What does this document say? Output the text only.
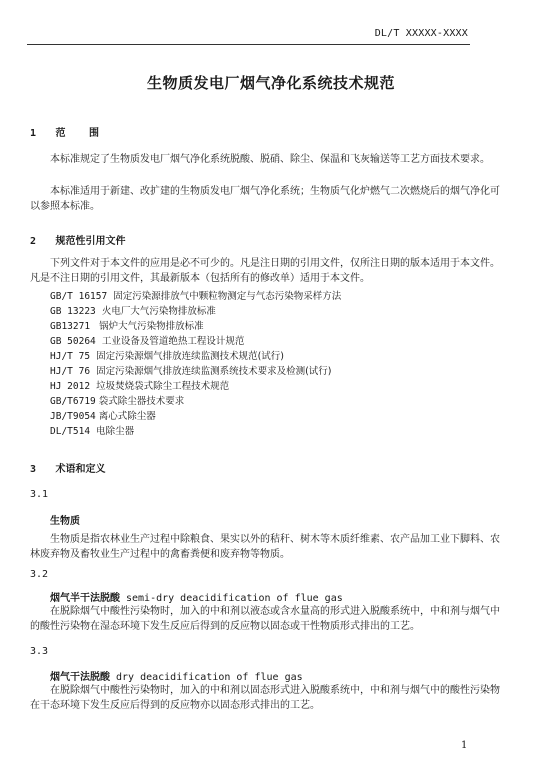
DL/T XXXXX-XXXX
生物质发电厂烟气净化系统技术规范
1 范 围
本标准规定了生物质发电厂烟气净化系统脱酸、脱硝、除尘、保温和飞灰输送等工艺方面技术要求。
本标准适用于新建、改扩建的生物质发电厂烟气净化系统；生物质气化炉燃气二次燃烧后的烟气净化可以参照本标准。
2 规范性引用文件
下列文件对于本文件的应用是必不可少的。凡是注日期的引用文件，仅所注日期的版本适用于本文件。凡是不注日期的引用文件，其最新版本（包括所有的修改单）适用于本文件。
GB/T 16157 固定污染源排放气中颗粒物测定与气态污染物采样方法
GB 13223 火电厂大气污染物排放标准
GB13271 锅炉大气污染物排放标准
GB 50264 工业设备及管道绝热工程设计规范
HJ/T 75 固定污染源烟气排放连续监测技术规范(试行)
HJ/T 76 固定污染源烟气排放连续监测系统技术要求及检测(试行)
HJ 2012 垃圾焚烧袋式除尘工程技术规范
GB/T6719 袋式除尘器技术要求
JB/T9054 离心式除尘器
DL/T514 电除尘器
3 术语和定义
3.1
生物质
生物质是指农林业生产过程中除粮食、果实以外的秸秆、树木等木质纤维素、农产品加工业下脚料、农林废弃物及畜牧业生产过程中的禽畜粪便和废弃物等物质。
3.2
烟气半干法脱酸 semi-dry deacidification of flue gas
在脱除烟气中酸性污染物时，加入的中和剂以液态或含水量高的形式进入脱酸系统中，中和剂与烟气中的酸性污染物在湿态环境下发生反应后得到的反应物以固态或干性物质形式排出的工艺。
3.3
烟气干法脱酸 dry deacidification of flue gas
在脱除烟气中酸性污染物时，加入的中和剂以固态形式进入脱酸系统中，中和剂与烟气中的酸性污染物在干态环境下发生反应后得到的反应物亦以固态形式排出的工艺。
1
